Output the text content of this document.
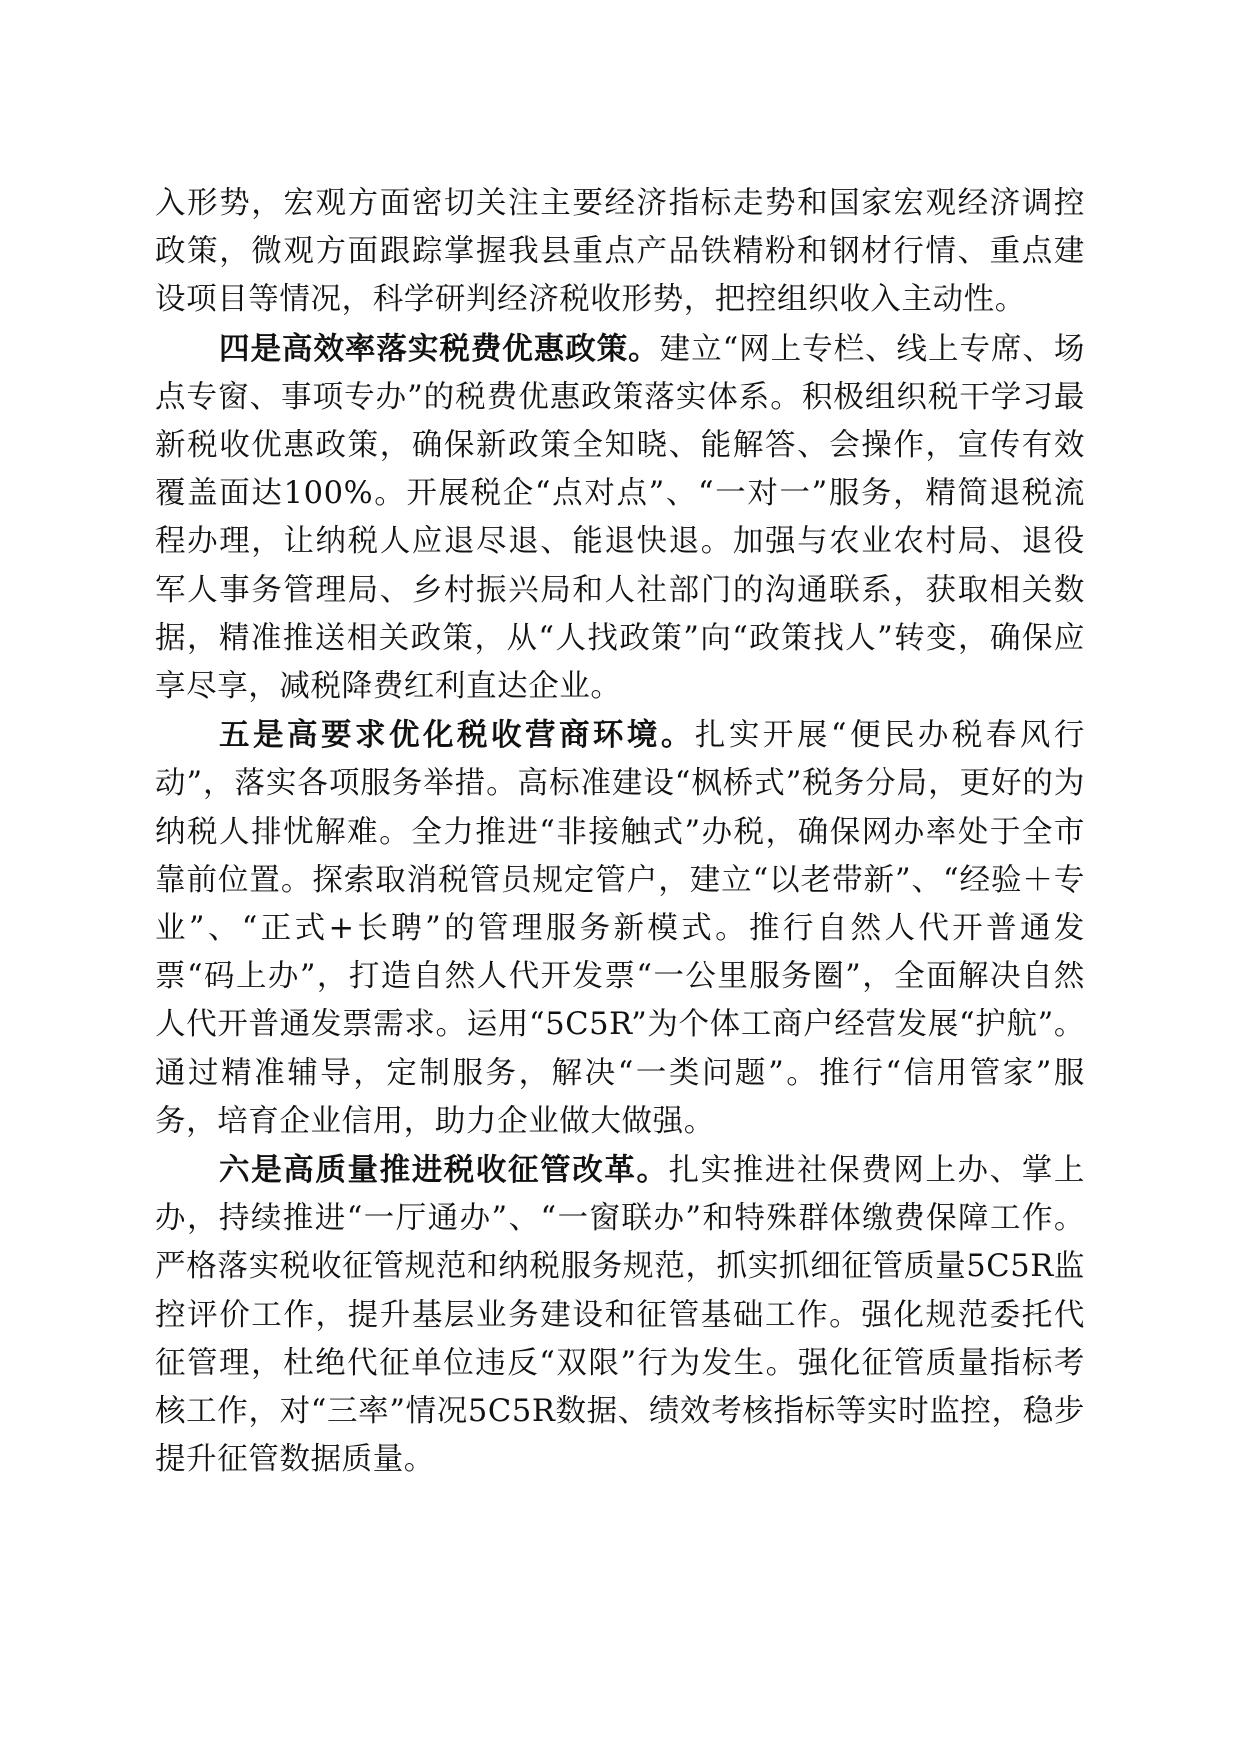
入形势，宏观方面密切关注主要经济指标走势和国家宏观经济调控政策，微观方面跟踪掌握我县重点产品铁精粉和钢材行情、重点建设项目等情况，科学研判经济税收形势，把控组织收入主动性。

四是高效率落实税费优惠政策。建立“网上专栏、线上专席、场点专窗、事项专办”的税费优惠政策落实体系。积极组织税干学习最新税收优惠政策，确保新政策全知晓、能解答、会操作，宣传有效覆盖面达100%。开展税企“点对点”、“一对一”服务，精简退税流程办理，让纳税人应退尽退、能退快退。加强与农业农村局、退役军人事务管理局、乡村振兴局和人社部门的沟通联系，获取相关数据，精准推送相关政策，从“人找政策”向“政策找人”转变，确保应享尽享，减税降费红利直达企业。

五是高要求优化税收营商环境。扎实开展“便民办税春风行动”，落实各项服务举措。高标准建设“枫桥式”税务分局，更好的为纳税人排忧解难。全力推进“非接触式”办税，确保网办率处于全市靠前位置。探索取消税管员规定管户，建立“以老带新”、“经验＋专业”、“正式+长聘”的管理服务新模式。推行自然人代开普通发票“码上办”，打造自然人代开发票“一公里服务圈”，全面解决自然人代开普通发票需求。运用“5C5R”为个体工商户经营发展“护航”。通过精准辅导，定制服务，解决“一类问题”。推行“信用管家”服务，培育企业信用，助力企业做大做强。

六是高质量推进税收征管改革。扎实推进社保费网上办、掌上办，持续推进“一厅通办”、“一窗联办”和特殊群体缴费保障工作。严格落实税收征管规范和纳税服务规范，抓实抓细征管质量5C5R监控评价工作，提升基层业务建设和征管基础工作。强化规范委托代征管理，杜绝代征单位违反“双限”行为发生。强化征管质量指标考核工作，对“三率”情况5C5R数据、绩效考核指标等实时监控，稳步提升征管数据质量。
